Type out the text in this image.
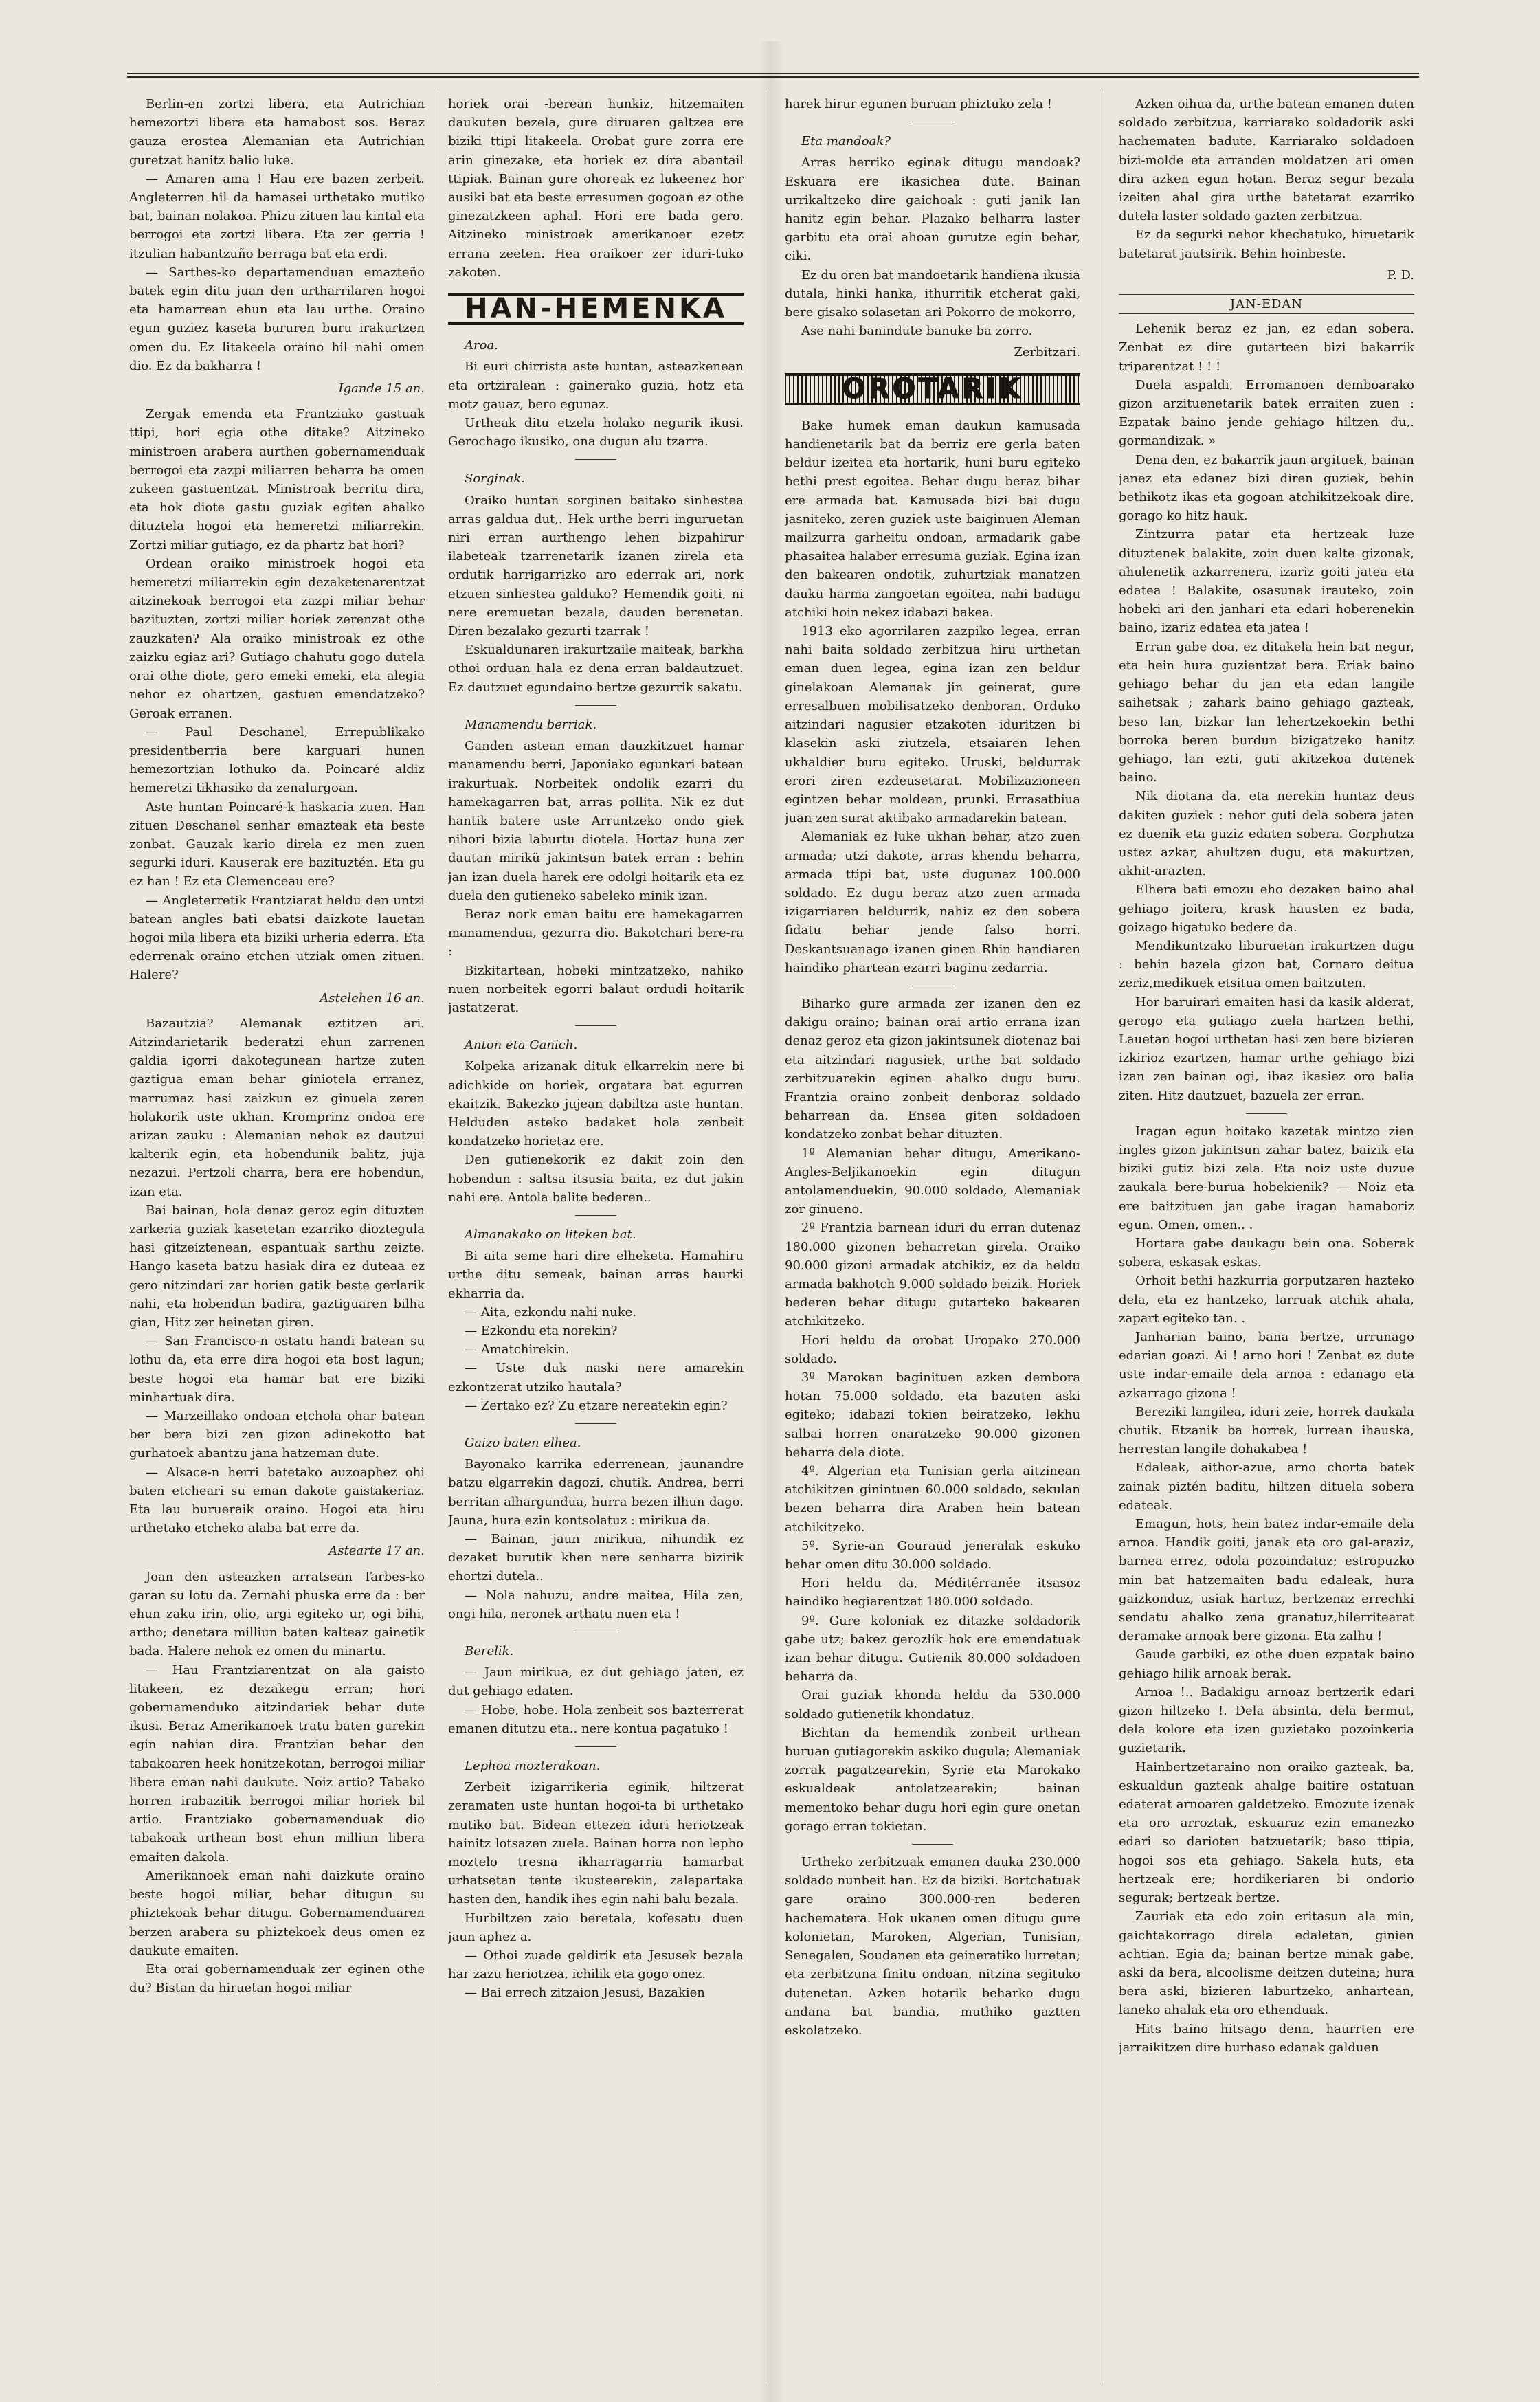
Berlin-en zortzi libera, eta Autrichian hemezortzi libera eta hamabost sos. Beraz gauza erostea Alemanian eta Autrichian guretzat hanitz balio luke.

— Amaren ama ! Hau ere bazen zerbeit. Angleterren hil da hamasei urthetako mutiko bat, bainan nolakoa. Phizu zituen lau kintal eta berrogoi eta zortzi libera. Eta zer gerria ! itzulian habantzuño berraga bat eta erdi.

— Sarthes-ko departamenduan emazteño batek egin ditu juan den urtharrilaren hogoi eta hamarrean ehun eta lau urthe. Oraino egun guziez kaseta bururen buru irakurtzen omen du. Ez litakeela oraino hil nahi omen dio. Ez da bakharra !

Igande 15 an.

Zergak emenda eta Frantziako gastuak ttipi, hori egia othe ditake? Aitzineko ministroen arabera aurthen gobernamenduak berrogoi eta zazpi miliarren beharra ba omen zukeen gastuentzat. Ministroak berritu dira, eta hok diote gastu guziak egiten ahalko dituztela hogoi eta hemeretzi miliarrekin. Zortzi miliar gutiago, ez da phartz bat hori?

Ordean oraiko ministroek hogoi eta hemeretzi miliarrekin egin dezaketenarentzat aitzinekoak berrogoi eta zazpi miliar behar bazituzten, zortzi miliar horiek zerenzat othe zauzkaten? Ala oraiko ministroak ez othe zaizku egiaz ari? Gutiago chahutu gogo dutela orai othe diote, gero emeki emeki, eta alegia nehor ez ohartzen, gastuen emendatzeko? Geroak erranen.

— Paul Deschanel, Errepublikako presidentberria bere karguari hunen hemezortzian lothuko da. Poincaré aldiz hemeretzi tikhasiko da zenalurgoan.

Aste huntan Poincaré-k haskaria zuen. Han zituen Deschanel senhar emazteak eta beste zonbat. Gauzak kario direla ez men zuen segurki iduri. Kauserak ere bazituztén. Eta gu ez han ! Ez eta Clemenceau ere?

— Angleterretik Frantziarat heldu den untzi batean angles bati ebatsi daizkote lauetan hogoi mila libera eta biziki urheria ederra. Eta ederrenak oraino etchen utziak omen zituen. Halere?

Astelehen 16 an.

Bazautzia? Alemanak eztitzen ari. Aitzindarietarik bederatzi ehun zarrenen galdia igorri dakotegunean hartze zuten gaztigua eman behar giniotela erranez, marrumaz hasi zaizkun ez ginuela zeren holakorik uste ukhan. Kromprinz ondoa ere arizan zauku : Alemanian nehok ez dautzui kalterik egin, eta hobendunik balitz, juja nezazui. Pertzoli charra, bera ere hobendun, izan eta.

Bai bainan, hola denaz geroz egin dituzten zarkeria guziak kasetetan ezarriko dioztegula hasi gitzeiztenean, espantuak sarthu zeizte. Hango kaseta batzu hasiak dira ez duteaa ez gero nitzindari zar horien gatik beste gerlarik nahi, eta hobendun badira, gaztiguaren bilha gian, Hitz zer heinetan giren.

— San Francisco-n ostatu handi batean su lothu da, eta erre dira hogoi eta bost lagun; beste hogoi eta hamar bat ere biziki minhartuak dira.

— Marzeillako ondoan etchola ohar batean ber bera bizi zen gizon adinekotto bat gurhatoek abantzu jana hatzeman dute.

— Alsace-n herri batetako auzoaphez ohi baten etcheari su eman dakote gaistakeriaz. Eta lau burueraik oraino. Hogoi eta hiru urthetako etcheko alaba bat erre da.

Astearte 17 an.

Joan den asteazken arratsean Tarbes-ko garan su lotu da. Zernahi phuska erre da : ber ehun zaku irin, olio, argi egiteko ur, ogi bihi, artho; denetara milliun baten kalteaz gainetik bada. Halere nehok ez omen du minartu.

— Hau Frantziarentzat on ala gaisto litakeen, ez dezakegu erran; hori gobernamenduko aitzindariek behar dute ikusi. Beraz Amerikanoek tratu baten gurekin egin nahian dira. Frantzian behar den tabakoaren heek honitzekotan, berrogoi miliar libera eman nahi daukute. Noiz artio? Tabako horren irabazitik berrogoi miliar horiek bil artio. Frantziako gobernamenduak dio tabakoak urthean bost ehun milliun libera emaiten dakola.

Amerikanoek eman nahi daizkute oraino beste hogoi miliar, behar ditugun su phiztekoak behar ditugu. Gobernamenduaren berzen arabera su phiztekoek deus omen ez daukute emaiten.

Eta orai gobernamenduak zer eginen othe du? Bistan da hiruetan hogoi miliar

horiek orai -berean hunkiz, hitzemaiten daukuten bezela, gure diruaren galtzea ere biziki ttipi litakeela. Orobat gure zorra ere arin ginezake, eta horiek ez dira abantail ttipiak. Bainan gure ohoreak ez lukeenez hor ausiki bat eta beste erresumen gogoan ez othe ginezatzkeen aphal. Hori ere bada gero. Aitzineko ministroek amerikanoer ezetz errana zeeten. Hea oraikoer zer iduri-tuko zakoten.

HAN-HEMENKA
Aroa.

Bi euri chirrista aste huntan, asteazkenean eta ortziralean : gainerako guzia, hotz eta motz gauaz, bero egunaz.

Urtheak ditu etzela holako negurik ikusi. Gerochago ikusiko, ona dugun alu tzarra.

Sorginak.

Oraiko huntan sorginen baitako sinhestea arras galdua dut,. Hek urthe berri inguruetan niri erran aurthengo lehen bizpahirur ilabeteak tzarrenetarik izanen zirela eta ordutik harrigarrizko aro ederrak ari, nork etzuen sinhestea galduko? Hemendik goiti, ni nere eremuetan bezala, dauden berenetan. Diren bezalako gezurti tzarrak !

Eskualdunaren irakurtzaile maiteak, barkha othoi orduan hala ez dena erran baldautzuet. Ez dautzuet egundaino bertze gezurrik sakatu.

Manamendu berriak.

Ganden astean eman dauzkitzuet hamar manamendu berri, Japoniako egunkari batean irakurtuak. Norbeitek ondolik ezarri du hamekagarren bat, arras pollita. Nik ez dut hantik batere uste Arruntzeko ondo giek nihori bizia laburtu diotela. Hortaz huna zer dautan mirikü jakintsun batek erran : behin jan izan duela harek ere odolgi hoitarik eta ez duela den gutieneko sabeleko minik izan.

Beraz nork eman baitu ere hamekagarren manamendua, gezurra dio. Bakotchari bere-ra :

Bizkitartean, hobeki mintzatzeko, nahiko nuen norbeitek egorri balaut ordudi hoitarik jastatzerat.

Anton eta Ganich.

Kolpeka arizanak dituk elkarrekin nere bi adichkide on horiek, orgatara bat egurren ekaitzik. Bakezko jujean dabiltza aste huntan. Helduden asteko badaket hola zenbeit kondatzeko horietaz ere.

Den gutienekorik ez dakit zoin den hobendun : saltsa itsusia baita, ez dut jakin nahi ere. Antola balite bederen..

Almanakako on liteken bat.

Bi aita seme hari dire elheketa. Hamahiru urthe ditu semeak, bainan arras haurki ekharria da.

— Aita, ezkondu nahi nuke.

— Ezkondu eta norekin?

— Amatchirekin.

— Uste duk naski nere amarekin ezkontzerat utziko hautala?

— Zertako ez? Zu etzare nereatekin egin?

Gaizo baten elhea.

Bayonako karrika ederrenean, jaunandre batzu elgarrekin dagozi, chutik. Andrea, berri berritan alhargundua, hurra bezen ilhun dago. Jauna, hura ezin kontsolatuz : mirikua da.

— Bainan, jaun mirikua, nihundik ez dezaket burutik khen nere senharra bizirik ehortzi dutela..

— Nola nahuzu, andre maitea, Hila zen, ongi hila, neronek arthatu nuen eta !

Berelik.

— Jaun mirikua, ez dut gehiago jaten, ez dut gehiago edaten.

— Hobe, hobe. Hola zenbeit sos bazterrerat emanen ditutzu eta.. nere kontua pagatuko !

Lephoa mozterakoan.

Zerbeit izigarrikeria eginik, hiltzerat zeramaten uste huntan hogoi-ta bi urthetako mutiko bat. Bidean ettezen iduri heriotzeak hainitz lotsazen zuela. Bainan horra non lepho moztelo tresna ikharragarria hamarbat urhatsetan tente ikusteerekin, zalapartaka hasten den, handik ihes egin nahi balu bezala.

Hurbiltzen zaio beretala, kofesatu duen jaun aphez a.

— Othoi zuade geldirik eta Jesusek bezala har zazu heriotzea, ichilik eta gogo onez.

— Bai errech zitzaion Jesusi, Bazakien

harek hirur egunen buruan phiztuko zela !

Eta mandoak?

Arras herriko eginak ditugu mandoak? Eskuara ere ikasichea dute. Bainan urrikaltzeko dire gaichoak : guti janik lan hanitz egin behar. Plazako belharra laster garbitu eta orai ahoan gurutze egin behar, ciki.

Ez du oren bat mandoetarik handiena ikusia dutala, hinki hanka, ithurritik etcherat gaki, bere gisako solasetan ari Pokorro de mokorro,

Ase nahi banindute banuke ba zorro.

Zerbitzari.
OROTARIK

Bake humek eman daukun kamusada handienetarik bat da berriz ere gerla baten beldur izeitea eta hortarik, huni buru egiteko bethi prest egoitea. Behar dugu beraz bihar ere armada bat. Kamusada bizi bai dugu jasniteko, zeren guziek uste baiginuen Aleman mailzurra garheitu ondoan, armadarik gabe phasaitea halaber erresuma guziak. Egina izan den bakearen ondotik, zuhurtziak manatzen dauku harma zangoetan egoitea, nahi badugu atchiki hoin nekez idabazi bakea.

1913 eko agorrilaren zazpiko legea, erran nahi baita soldado zerbitzua hiru urthetan eman duen legea, egina izan zen beldur ginelakoan Alemanak jin geinerat, gure erresalbuen mobilisatzeko denboran. Orduko aitzindari nagusier etzakoten iduritzen bi klasekin aski ziutzela, etsaiaren lehen ukhaldier buru egiteko. Uruski, beldurrak erori ziren ezdeusetarat. Mobilizazioneen egintzen behar moldean, prunki. Errasatbiua juan zen surat aktibako armadarekin batean.

Alemaniak ez luke ukhan behar, atzo zuen armada; utzi dakote, arras khendu beharra, armada ttipi bat, uste dugunaz 100.000 soldado. Ez dugu beraz atzo zuen armada izigarriaren beldurrik, nahiz ez den sobera fidatu behar jende falso horri. Deskantsuanago izanen ginen Rhin handiaren haindiko phartean ezarri baginu zedarria.

Biharko gure armada zer izanen den ez dakigu oraino; bainan orai artio errana izan denaz geroz eta gizon jakintsunek diotenaz bai eta aitzindari nagusiek, urthe bat soldado zerbitzuarekin eginen ahalko dugu buru. Frantzia oraino zonbeit denboraz soldado beharrean da. Ensea giten soldadoen kondatzeko zonbat behar dituzten.

1º Alemanian behar ditugu, Amerikano-Angles-Beljikanoekin egin ditugun antolamenduekin, 90.000 soldado, Alemaniak zor ginuenо.

2º Frantzia barnean iduri du erran dutenaz 180.000 gizonen beharretan girela. Oraiko 90.000 gizoni armadak atchikiz, ez da heldu armada bakhotch 9.000 soldado beizik. Horiek bederen behar ditugu gutarteko bakearen atchikitzeko.

Hori heldu da orobat Uropako 270.000 soldado.

3º Marokan baginituen azken dembora hotan 75.000 soldado, eta bazuten aski egiteko; idabazi tokien beiratzeko, lekhu salbai horren onaratzeko 90.000 gizonen beharra dela diote.

4º. Algerian eta Tunisian gerla aitzinean atchikitzen ginintuen 60.000 soldado, sekulan bezen beharra dira Araben hein batean atchikitzeko.

5º. Syrie-an Gouraud jeneralak eskuko behar omen ditu 30.000 soldado.

Hori heldu da, Méditérranée itsasoz haindiko hegiarentzat 180.000 soldado.

9º. Gure koloniak ez ditazke soldadorik gabe utz; bakez gerozlik hok ere emendatuak izan behar ditugu. Gutienik 80.000 soldadoen beharra da.

Orai guziak khonda heldu da 530.000 soldado gutienetik khondatuz.

Bichtan da hemendik zonbeit urthean buruan gutiagorekin askiko dugula; Alemaniak zorrak pagatzearekin, Syrie eta Marokako eskualdeak antolatzearekin; bainan mementoko behar dugu hori egin gure onetan gorago erran tokietan.

Urtheko zerbitzuak emanen daukа 230.000 soldado nunbeit han. Ez da biziki. Bortchatuak gare oraino 300.000-ren bederen hachematera. Hok ukanen omen ditugu gure kolonietan, Maroken, Algerian, Tunisian, Senegalen, Soudanen eta geineratiko lurretan; eta zerbitzuna finitu ondoan, nitzina segituko dutenetan. Azken hotarik beharko dugu andana bat bandia, muthiko gaztten eskolatzeko.

Azken oihua da, urthe batean emanen duten soldado zerbitzua, karriarako soldadorik aski hachematen badute. Karriarako soldadoen bizi-molde eta arranden moldatzen ari omen dira azken egun hotan. Beraz segur bezala izeiten ahal gira urthe batetarat ezarriko dutela laster soldado gazten zerbitzua.

Ez da segurki nehor khechatuko, hiruetarik batetarat jautsirik. Behin hoinbeste.

P. D.
JAN-EDAN

Lehenik beraz ez jan, ez edan sobera. Zenbat ez dire gutarteen bizi bakarrik triparentzat ! ! !

Duela aspaldi, Erromanoen demboarako gizon arzituenetarik batek erraiten zuen : Ezpatak baino jende gehiago hiltzen du,. gormandizak. »

Dena den, ez bakarrik jaun argituek, bainan janez eta edanez bizi diren guziek, behin bethikotz ikas eta gogoan atchikitzekoak dire, gorago ko hitz hauk.

Zintzurra patar eta hertzeak luze dituztenek balakite, zoin duen kalte gizonak, ahulenetik azkarrenera, izariz goiti jatea eta edatea ! Balakite, osasunak irauteko, zoin hobeki ari den janhari eta edari hoberenekin baino, izariz edatea eta jatea !

Erran gabe doa, ez ditakela hein bat negur, eta hein hura guzientzat bera. Eriak baino gehiago behar du jan eta edan langile saihetsak ; zahark baino gehiago gazteak, beso lan, bizkar lan lehertzekoekin bethi borroka beren burdun bizigatzeko hanitz gehiago, lan ezti, guti akitzekoa dutenek baino.

Nik diotana da, eta nerekin huntaz deus dakiten guziek : nehor guti dela sobera jaten ez duenik eta guziz edaten sobera. Gorphutza ustez azkar, ahultzen dugu, eta makurtzen, akhit-arazten.

Elhera bati emozu eho dezaken baino ahal gehiago joitera, krask hausten ez bada, goizago higatuko bedere da.

Mendikuntzako liburuetan irakurtzen dugu : behin bazela gizon bat, Cornaro deitua zeriz,medikuek etsitua omen baitzuten.

Hor baruirari emaiten hasi da kasik alderat, gerogo eta gutiago zuela hartzen bethi, Lauetan hogoi urthetan hasi zen bere bizieren izkirioz ezartzen, hamar urthe gehiago bizi izan zen bainan ogi, ibaz ikasiez oro balia ziten. Hitz dautzuet, bazuela zer erran.

Iragan egun hoitako kazetak mintzo zien ingles gizon jakintsun zahar batez, baizik eta biziki gutiz bizi zela. Eta noiz uste duzue zaukala bere-burua hobekienik? — Noiz eta ere baitzituen jan gabe iragan hamaboriz egun. Omen, omen.. .

Hortara gabe daukagu bein ona. Soberak sobera, eskasak eskas.

Orhoit bethi hazkurria gorputzaren hazteko dela, eta ez hantzeko, larruak atchik ahala, zapart egiteko tan. .

Janharian baino, bana bertze, urrunago edarian goazi. Ai ! arno hori ! Zenbat ez dute uste indar-emaile dela arnoa : edanago eta azkarrago gizona !

Bereziki langilea, iduri zeie, horrek daukala chutik. Etzanik ba horrek, lurrean ihauska, herrestan langile dohakabea !

Edaleak, aithor-azue, arno chorta batek zainak piztén baditu, hiltzen dituela sobera edateak.

Emagun, hots, hein batez indar-emaile dela arnoa. Handik goiti, janak eta oro gal-araziz, barnea errez, odola pozoindatuz; estropuzko min bat hatzemaiten badu edaleak, hura gaizkonduz, usiak hartuz, bertzenaz errechki sendatu ahalko zena granatuz,hilerritearat deramake arnoak bere gizona. Eta zalhu !

Gaude garbiki, ez othe duen ezpatak baino gehiago hilik arnoak berak.

Arnoa !.. Badakigu arnoaz bertzerik edari gizon hiltzeko !. Dela absinta, dela bermut, dela kolore eta izen guzietako pozoinkeria guzietarik.

Hainbertzetaraino non oraiko gazteak, ba, eskualdun gazteak ahalge baitire ostatuan edaterat arnoaren galdetzeko. Emozute izenak eta oro arroztak, eskuaraz ezin emanezko edari so darioten batzuetarik; baso ttipia, hogoi sos eta gehiago. Sakela huts, eta hertzeak ere; hordikeriaren bi ondorio segurak; bertzeak bertze.

Zauriak eta edo zoin eritasun ala min, gaichtakorrago direla edaletan, ginien achtian. Egia da; bainan bertze minak gabe, aski da bera, alcoolisme deitzen duteina; hura bera aski, bizieren laburtzeko, anhartean, laneko ahalak eta oro ethenduak.

Hits baino hitsago denn, haurrten ere jarraikitzen dire burhaso edanak galduen
